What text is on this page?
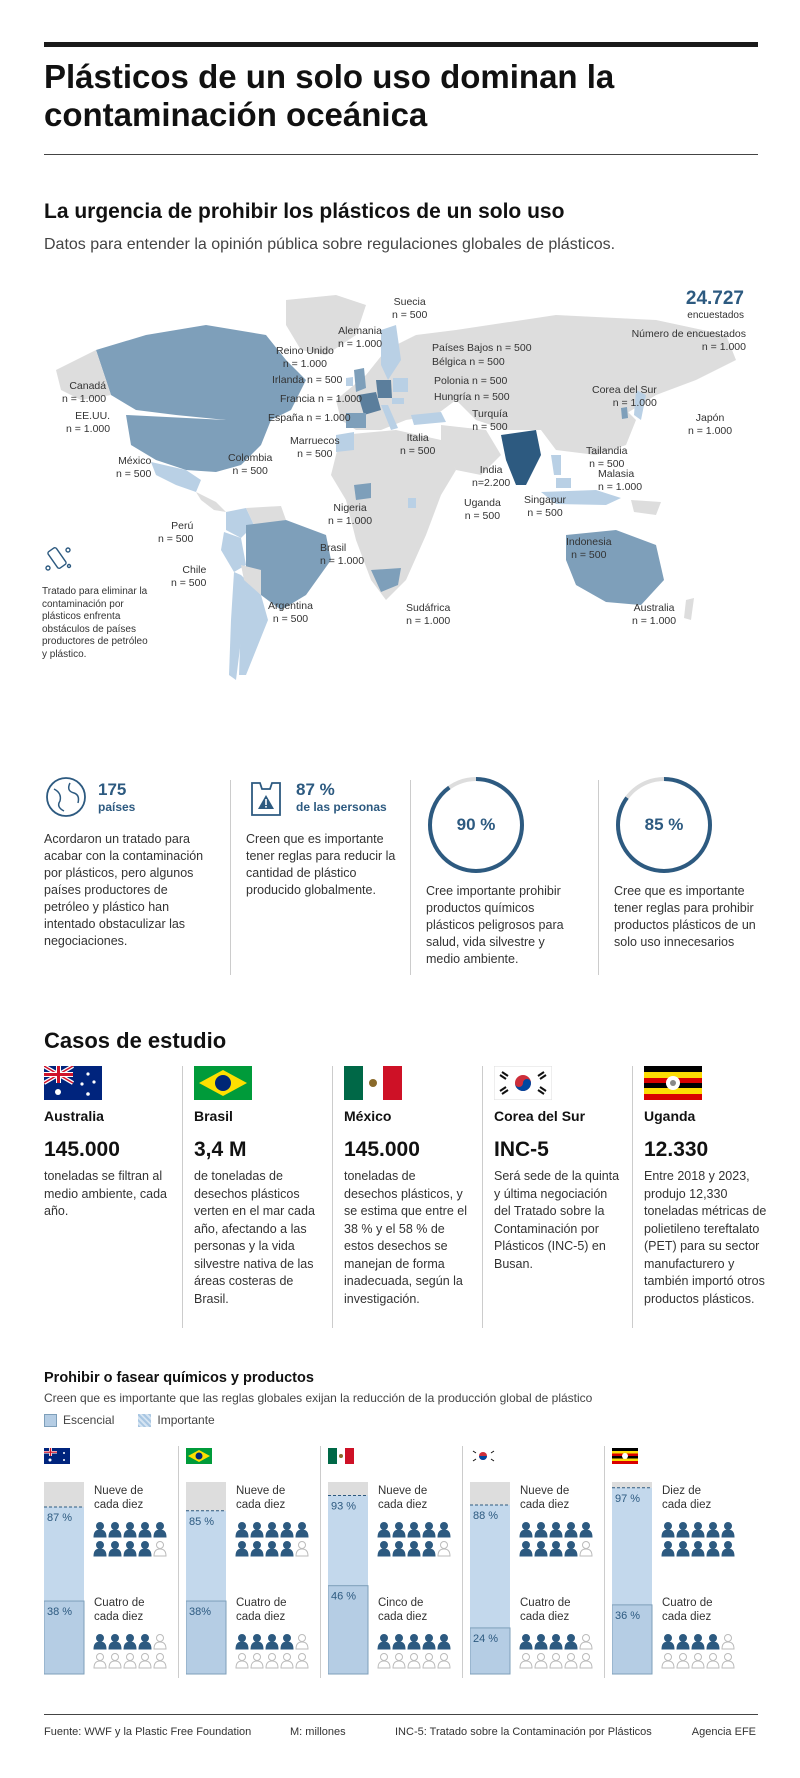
Plásticos de un solo uso dominan la contaminación oceánica
La urgencia de prohibir los plásticos de un solo uso
Datos para entender la opinión pública sobre regulaciones globales de plásticos.
24.727
encuestados
Número de encuestados
n = 1.000
Canadá
n = 1.000
EE.UU.
n = 1.000
México
n = 500
Colombia
n = 500
Perú
n = 500
Chile
n = 500
Argentina
n = 500
Brasil
n = 1.000
Reino Unido
n = 1.000
Irlanda n = 500
Francia n = 1.000
España n = 1.000
Marruecos
n = 500
Alemania
n = 1.000
Suecia
n = 500
Países Bajos n = 500
Bélgica n = 500
Polonia n = 500
Hungría n = 500
Italia
n = 500
Turquía
n = 500
Nigeria
n = 1.000
Uganda
n = 500
Sudáfrica
n = 1.000
India
n=2.200
Corea del Sur
n = 1.000
Japón
n = 1.000
Tailandia
n = 500
Malasia
n = 1.000
Singapur
n = 500
Indonesia
n = 500
Australia
n = 1.000
Tratado para eliminar la contaminación por plásticos enfrenta obstáculos de países productores de petróleo y plástico.
175
países
Acordaron un tratado para acabar con la contaminación por plásticos, pero algunos países productores de petróleo y plástico han intentado obstaculizar las negociaciones.
87 %
de las personas
Creen que es importante tener reglas para reducir la cantidad de plástico producido globalmente.
90 %
Cree importante prohibir productos químicos plásticos peligrosos para salud, vida silvestre y medio ambiente.
85 %
Cree que es importante tener reglas para prohibir productos plásticos de un solo uso innecesarios
Casos de estudio
Australia
145.000
toneladas se filtran al medio ambiente, cada año.
Brasil
3,4 M
de toneladas de desechos plásticos verten en el mar cada año, afectando a las personas y la vida silvestre nativa de las áreas costeras de Brasil.
México
145.000
toneladas de desechos plásticos, y se estima que entre el 38 % y el 58 % de estos desechos se manejan de forma inadecuada, según la investigación.
Corea del Sur
INC-5
Será sede de la quinta y última negociación del Tratado sobre la Contaminación por Plásticos (INC-5) en Busan.
Uganda
12.330
Entre 2018 y 2023, produjo 12,330 toneladas métricas de polietileno tereftalato (PET) para su sector manufacturero y también importó otros productos plásticos.
Prohibir o fasear químicos y productos
Creen que es importante que las reglas globales exijan la reducción de la producción global de plástico
Escencial	Importante
87 %
38 %
Nueve de cada diez
Cuatro de cada diez
85 %
38%
Nueve de cada diez
Cuatro de cada diez
93 %
46 %
Nueve de cada diez
Cinco de cada diez
88 %
24 %
Nueve de cada diez
Cuatro de cada diez
97 %
36 %
Diez de cada diez
Cuatro de cada diez
Fuente: WWF y la Plastic Free Foundation	M: millones	INC-5: Tratado sobre la Contaminación por Plásticos	Agencia EFE
